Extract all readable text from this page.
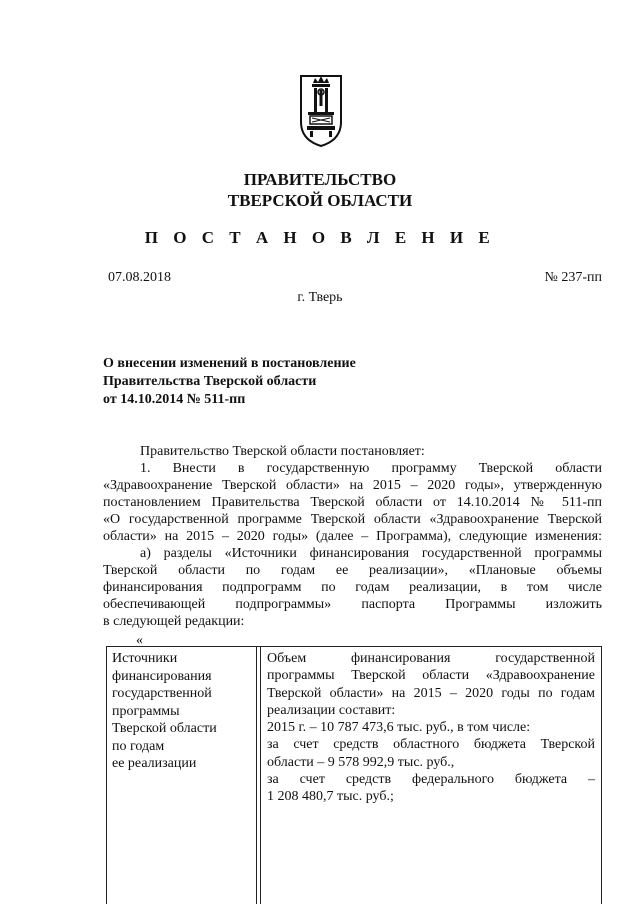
ПРАВИТЕЛЬСТВО
ТВЕРСКОЙ ОБЛАСТИ
П О С Т А Н О В Л Е Н И Е
07.08.2018	№ 237-пп
г. Тверь
О внесении изменений в постановление
Правительства Тверской области
от 14.10.2014 № 511-пп
Правительство Тверской области постановляет:
1. Внести в государственную программу Тверской области
«Здравоохранение Тверской области» на 2015 – 2020 годы», утвержденную
постановлением Правительства Тверской области от 14.10.2014 № 511-пп
«О государственной программе Тверской области «Здравоохранение Тверской
области» на 2015 – 2020 годы» (далее – Программа), следующие изменения:
а) разделы «Источники финансирования государственной программы
Тверской области по годам ее реализации», «Плановые объемы
финансирования подпрограмм по годам реализации, в том числе
обеспечивающей подпрограммы» паспорта Программы изложить
в следующей редакции:
«
Источники
финансирования
государственной
программы
Тверской области
по годам
ее реализации
Объем финансирования государственной
программы Тверской области «Здравоохранение
Тверской области» на 2015 – 2020 годы по годам
реализации составит:
2015 г. – 10 787 473,6 тыс. руб., в том числе:
за счет средств областного бюджета Тверской
области – 9 578 992,9 тыс. руб.,
за счет средств федерального бюджета –
1 208 480,7 тыс. руб.;
